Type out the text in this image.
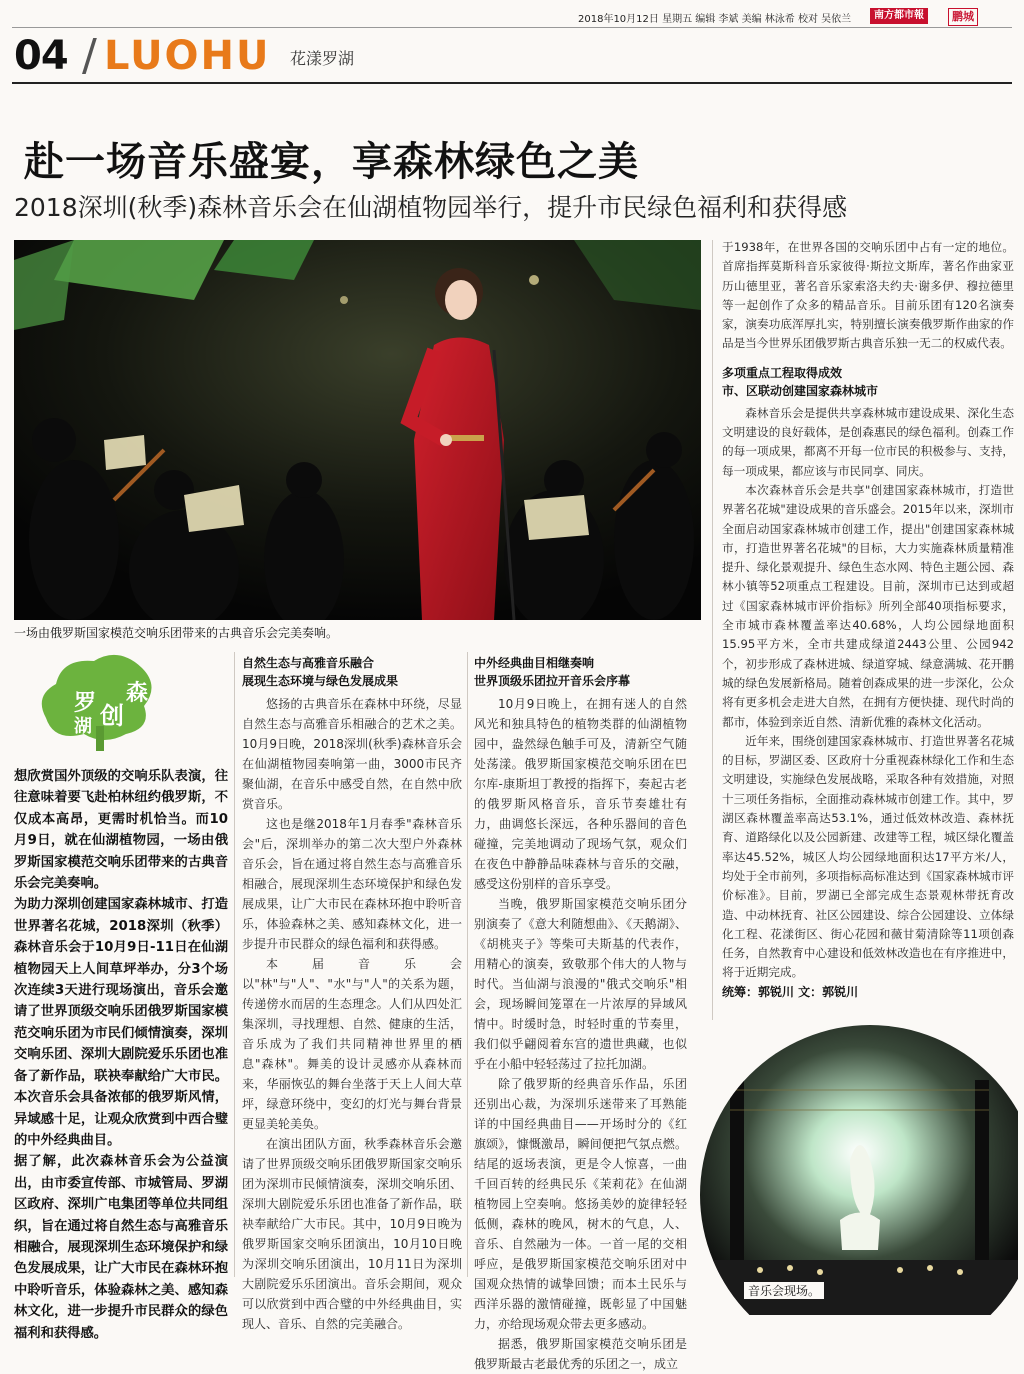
2018年10月12日 星期五 编辑 李斌 美编 林泳希 校对 吴依兰	南方都市報	鹏城
04 / LUOHU 花漾罗湖
赴一场音乐盛宴，享森林绿色之美
2018深圳(秋季)森林音乐会在仙湖植物园举行，提升市民绿色福利和获得感
一场由俄罗斯国家模范交响乐团带来的古典音乐会完美奏响。
罗
湖 创
森

想欣赏国外顶级的交响乐队表演，往往意味着要飞赴柏林纽约俄罗斯，不仅成本高昂，更需时机恰当。而10月9日，就在仙湖植物园，一场由俄罗斯国家模范交响乐团带来的古典音乐会完美奏响。

为助力深圳创建国家森林城市、打造世界著名花城，2018深圳（秋季）森林音乐会于10月9日-11日在仙湖植物园天上人间草坪举办，分3个场次连续3天进行现场演出，音乐会邀请了世界顶级交响乐团俄罗斯国家模范交响乐团为市民们倾情演奏，深圳交响乐团、深圳大剧院爱乐乐团也准备了新作品，联袂奉献给广大市民。本次音乐会具备浓郁的俄罗斯风情，异域感十足，让观众欣赏到中西合璧的中外经典曲目。

据了解，此次森林音乐会为公益演出，由市委宣传部、市城管局、罗湖区政府、深圳广电集团等单位共同组织，旨在通过将自然生态与高雅音乐相融合，展现深圳生态环境保护和绿色发展成果，让广大市民在森林环抱中聆听音乐，体验森林之美、感知森林文化，进一步提升市民群众的绿色福利和获得感。

自然生态与高雅音乐融合
展现生态环境与绿色发展成果

悠扬的古典音乐在森林中环绕，尽显自然生态与高雅音乐相融合的艺术之美。10月9日晚，2018深圳(秋季)森林音乐会在仙湖植物园奏响第一曲，3000市民齐聚仙湖，在音乐中感受自然，在自然中欣赏音乐。

这也是继2018年1月春季"森林音乐会"后，深圳举办的第二次大型户外森林音乐会，旨在通过将自然生态与高雅音乐相融合，展现深圳生态环境保护和绿色发展成果，让广大市民在森林环抱中聆听音乐，体验森林之美、感知森林文化，进一步提升市民群众的绿色福利和获得感。

本届音乐会以"林"与"人"、"水"与"人"的关系为题，传递傍水而居的生态理念。人们从四处汇集深圳，寻找理想、自然、健康的生活，音乐成为了我们共同精神世界里的栖息"森林"。舞美的设计灵感亦从森林而来，华丽恢弘的舞台坐落于天上人间大草坪，绿意环绕中，变幻的灯光与舞台背景更显美轮美奂。

在演出团队方面，秋季森林音乐会邀请了世界顶级交响乐团俄罗斯国家交响乐团为深圳市民倾情演奏，深圳交响乐团、深圳大剧院爱乐乐团也准备了新作品，联袂奉献给广大市民。其中，10月9日晚为俄罗斯国家交响乐团演出，10月10日晚为深圳交响乐团演出，10月11日为深圳大剧院爱乐乐团演出。音乐会期间，观众可以欣赏到中西合璧的中外经典曲目，实现人、音乐、自然的完美融合。

中外经典曲目相继奏响
世界顶级乐团拉开音乐会序幕

10月9日晚上，在拥有迷人的自然风光和独具特色的植物类群的仙湖植物园中，盎然绿色触手可及，清新空气随处荡漾。俄罗斯国家模范交响乐团在巴尔库-康斯坦丁教授的指挥下，奏起古老的俄罗斯风格音乐，音乐节奏雄壮有力，曲调悠长深远，各种乐器间的音色碰撞，完美地调动了现场气氛，观众们在夜色中静静品味森林与音乐的交融，感受这份别样的音乐享受。

当晚，俄罗斯国家模范交响乐团分别演奏了《意大利随想曲》、《天鹅湖》、《胡桃夹子》等柴可夫斯基的代表作，用精心的演奏，致敬那个伟大的人物与时代。当仙湖与浪漫的"俄式交响乐"相会，现场瞬间笼罩在一片浓厚的异域风情中。时缓时急，时轻时重的节奏里，我们似乎翩阅着东宫的遗世典藏，也似乎在小船中轻轻荡过了拉托加湖。

除了俄罗斯的经典音乐作品，乐团还别出心裁，为深圳乐迷带来了耳熟能详的中国经典曲目——开场时分的《红旗颂》，慷慨激昂，瞬间便把气氛点燃。结尾的返场表演，更是令人惊喜，一曲千回百转的经典民乐《茉莉花》在仙湖植物园上空奏响。悠扬美妙的旋律轻轻低侧，森林的晚风，树木的气息，人、音乐、自然融为一体。一首一尾的交相呼应，是俄罗斯国家模范交响乐团对中国观众热情的诚挚回馈；而本土民乐与西洋乐器的激情碰撞，既彰显了中国魅力，亦给现场观众带去更多感动。

据悉，俄罗斯国家模范交响乐团是俄罗斯最古老最优秀的乐团之一，成立

于1938年，在世界各国的交响乐团中占有一定的地位。首席指挥莫斯科音乐家彼得·斯拉文斯库，著名作曲家亚历山德里亚，著名音乐家索洛夫约夫·谢多伊、穆拉德里等一起创作了众多的精品音乐。目前乐团有120名演奏家，演奏功底浑厚扎实，特别擅长演奏俄罗斯作曲家的作品是当今世界乐团俄罗斯古典音乐独一无二的权威代表。

多项重点工程取得成效
市、区联动创建国家森林城市

森林音乐会是提供共享森林城市建设成果、深化生态文明建设的良好载体，是创森惠民的绿色福利。创森工作的每一项成果，都离不开每一位市民的积极参与、支持，每一项成果，都应该与市民同享、同庆。

本次森林音乐会是共享"创建国家森林城市，打造世界著名花城"建设成果的音乐盛会。2015年以来，深圳市全面启动国家森林城市创建工作，提出"创建国家森林城市，打造世界著名花城"的目标，大力实施森林质量精准提升、绿化景观提升、绿色生态水网、特色主题公园、森林小镇等52项重点工程建设。目前，深圳市已达到或超过《国家森林城市评价指标》所列全部40项指标要求，全市城市森林覆盖率达40.68%，人均公园绿地面积15.95平方米，全市共建成绿道2443公里、公园942个，初步形成了森林进城、绿道穿城、绿意满城、花开鹏城的绿色发展新格局。随着创森成果的进一步深化，公众将有更多机会走进大自然，在拥有方便快捷、现代时尚的都市，体验到亲近自然、清新优雅的森林文化活动。

近年来，围绕创建国家森林城市、打造世界著名花城的目标，罗湖区委、区政府十分重视森林绿化工作和生态文明建设，实施绿色发展战略，采取各种有效措施，对照十三项任务指标，全面推动森林城市创建工作。其中，罗湖区森林覆盖率高达53.1%，通过低效林改造、森林抚育、道路绿化以及公园新建、改建等工程，城区绿化覆盖率达45.52%，城区人均公园绿地面积达17平方米/人，均处于全市前列，多项指标高标准达到《国家森林城市评价标准》。目前，罗湖已全部完成生态景观林带抚育改造、中动林抚育、社区公园建设、综合公园建设、立体绿化工程、花漾街区、街心花园和薇甘菊清除等11项创森任务，自然教育中心建设和低效林改造也在有序推进中，将于近期完成。

统筹：郭锐川 文：郭锐川
音乐会现场。
